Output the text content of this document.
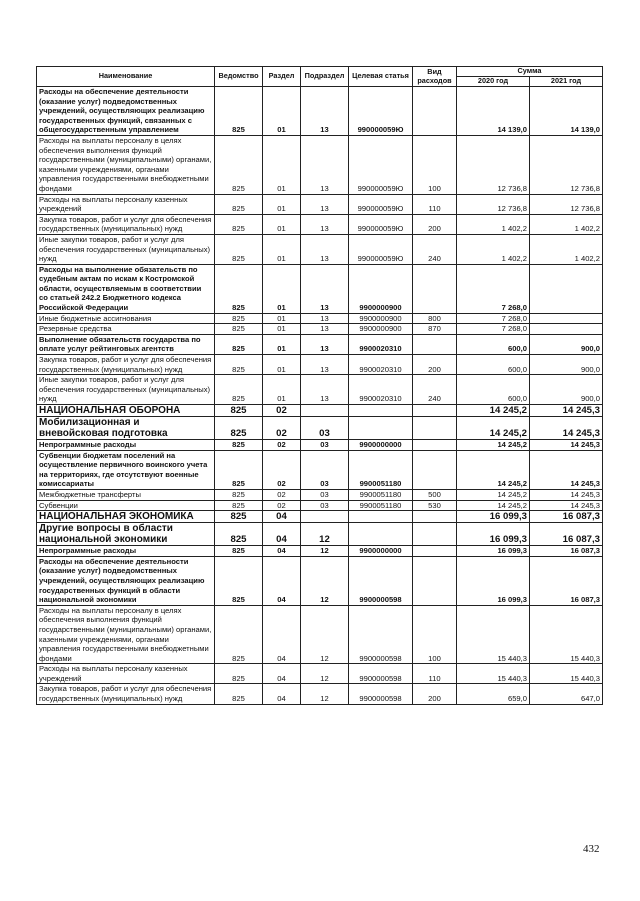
Наименование	Ведомство	Раздел	Подраздел	Целевая статья	Вид расходов	Сумма	
						2020 год	2021 год
Расходы на обеспечение деятельности (оказание услуг) подведомственных учреждений, осуществляющих реализацию государственных функций, связанных с общегосударственным управлением	825	01	13	990000059Ю		14 139,0	14 139,0
Расходы на выплаты персоналу в целях обеспечения выполнения функций государственными (муниципальными) органами, казенными учреждениями, органами управления государственными внебюджетными фондами	825	01	13	990000059Ю	100	12 736,8	12 736,8
Расходы на выплаты персоналу казенных учреждений	825	01	13	990000059Ю	110	12 736,8	12 736,8
Закупка товаров, работ и услуг для обеспечения государственных (муниципальных) нужд	825	01	13	990000059Ю	200	1 402,2	1 402,2
Иные закупки товаров, работ и услуг для обеспечения государственных (муниципальных) нужд	825	01	13	990000059Ю	240	1 402,2	1 402,2
Расходы на выполнение обязательств по судебным актам по искам к Костромской области, осуществляемым в соответствии со статьей 242.2 Бюджетного кодекса Российской Федерации	825	01	13	9900000900		7 268,0	
Иные бюджетные ассигнования	825	01	13	9900000900	800	7 268,0	
Резервные средства	825	01	13	9900000900	870	7 268,0	
Выполнение обязательств государства по оплате услуг рейтинговых агентств	825	01	13	9900020310		600,0	900,0
Закупка товаров, работ и услуг для обеспечения государственных (муниципальных) нужд	825	01	13	9900020310	200	600,0	900,0
Иные закупки товаров, работ и услуг для обеспечения государственных (муниципальных) нужд	825	01	13	9900020310	240	600,0	900,0
НАЦИОНАЛЬНАЯ ОБОРОНА	825	02				14 245,2	14 245,3
Мобилизационная и вневойсковая подготовка	825	02	03			14 245,2	14 245,3
Непрограммные расходы	825	02	03	9900000000		14 245,2	14 245,3
Субвенции бюджетам поселений на осуществление первичного воинского учета на территориях, где отсутствуют военные комиссариаты	825	02	03	9900051180		14 245,2	14 245,3
Межбюджетные трансферты	825	02	03	9900051180	500	14 245,2	14 245,3
Субвенции	825	02	03	9900051180	530	14 245,2	14 245,3
НАЦИОНАЛЬНАЯ ЭКОНОМИКА	825	04				16 099,3	16 087,3
Другие вопросы в области национальной экономики	825	04	12			16 099,3	16 087,3
Непрограммные расходы	825	04	12	9900000000		16 099,3	16 087,3
Расходы на обеспечение деятельности (оказание услуг) подведомственных учреждений, осуществляющих реализацию государственных функций в области национальной экономики	825	04	12	9900000598		16 099,3	16 087,3
Расходы на выплаты персоналу в целях обеспечения выполнения функций государственными (муниципальными) органами, казенными учреждениями, органами управления государственными внебюджетными фондами	825	04	12	9900000598	100	15 440,3	15 440,3
Расходы на выплаты персоналу казенных учреждений	825	04	12	9900000598	110	15 440,3	15 440,3
Закупка товаров, работ и услуг для обеспечения государственных (муниципальных) нужд	825	04	12	9900000598	200	659,0	647,0
432
